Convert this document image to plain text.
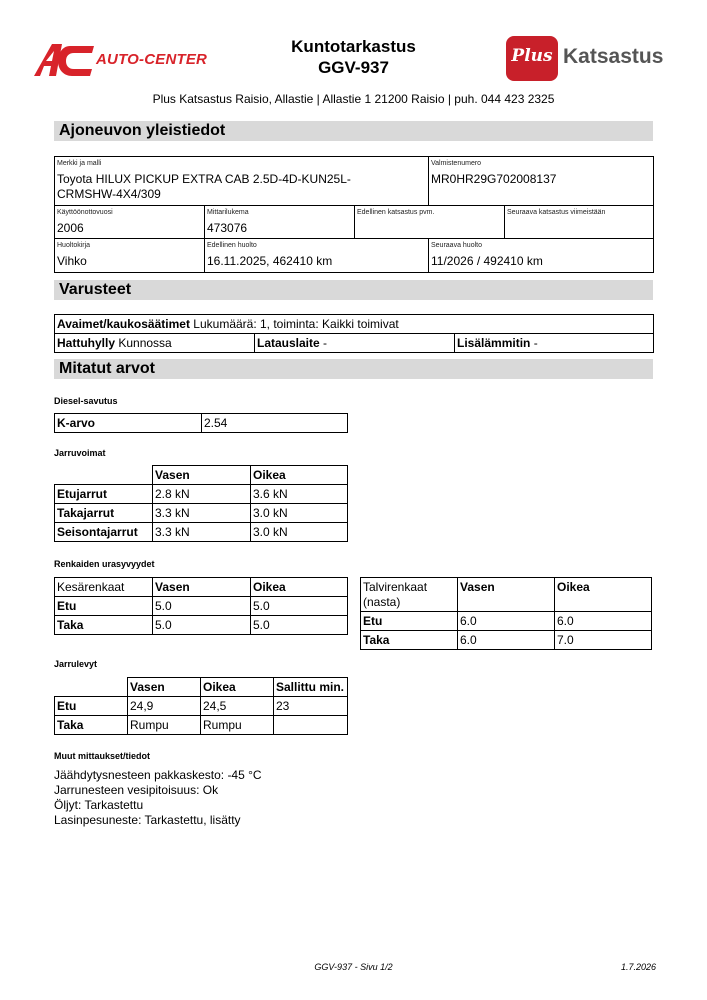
AUTO-CENTER
Kuntotarkastus
GGV-937
Plus Katsastus
Plus Katsastus Raisio, Allastie | Allastie 1 21200 Raisio | puh. 044 423 2325
Ajoneuvon yleistiedot
Merkki ja malli
Toyota HILUX PICKUP EXTRA CAB 2.5D-4D-KUN25L-CRMSHW-4X4/309
Valmistenumero
MR0HR29G702008137
Käyttöönottovuosi
2006
Mittarilukema
473076
Edellinen katsastus pvm.	Seuraava katsastus viimeistään
Huoltokirja
Vihko
Edellinen huolto
16.11.2025, 462410 km
Seuraava huolto
11/2026 / 492410 km
Varusteet
Avaimet/kaukosäätimet Lukumäärä: 1, toiminta: Kaikki toimivat
Hattuhylly Kunnossa	Latauslaite -	Lisälämmitin -
Mitatut arvot
Diesel-savutus
K-arvo	2.54
Jarruvoimat
	Vasen	Oikea
Etujarrut	2.8 kN	3.6 kN
Takajarrut	3.3 kN	3.0 kN
Seisontajarrut	3.3 kN	3.0 kN
Renkaiden urasyvyydet
Kesärenkaat	Vasen	Oikea
Etu	5.0	5.0
Taka	5.0	5.0
Talvirenkaat (nasta)	Vasen	Oikea
Etu	6.0	6.0
Taka	6.0	7.0
Jarrulevyt
	Vasen	Oikea	Sallittu min.
Etu	24,9	24,5	23
Taka	Rumpu	Rumpu	
Muut mittaukset/tiedot
Jäähdytysnesteen pakkaskesto: -45 °C
Jarrunesteen vesipitoisuus: Ok
Öljyt: Tarkastettu
Lasinpesuneste: Tarkastettu, lisätty
GGV-937 - Sivu 1/2	1.7.2026
